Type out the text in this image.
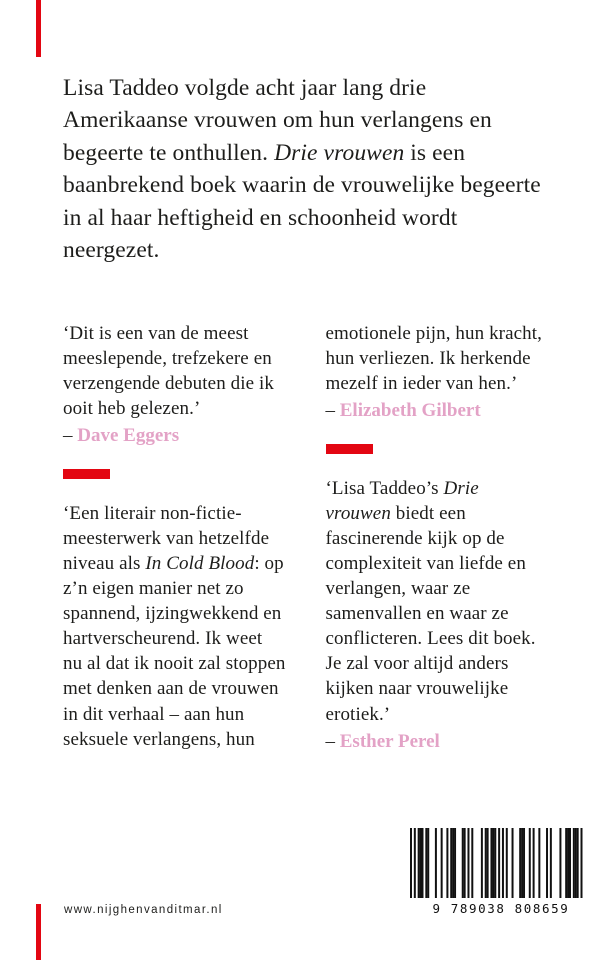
Lisa Taddeo volgde acht jaar lang drie Amerikaanse vrouwen om hun verlangens en begeerte te onthullen. Drie vrouwen is een baanbrekend boek waarin de vrouwelijke begeerte in al haar heftigheid en schoonheid wordt neergezet.

‘Dit is een van de meest meeslepende, trefzekere en verzengende debuten die ik ooit heb gelezen.’

– Dave Eggers

‘Een literair non-fictie-meesterwerk van hetzelfde niveau als In Cold Blood: op z’n eigen manier net zo spannend, ijzingwekkend en hartverscheurend. Ik weet nu al dat ik nooit zal stoppen met denken aan de vrouwen in dit verhaal – aan hun seksuele verlangens, hun

emotionele pijn, hun kracht, hun verliezen. Ik herkende mezelf in ieder van hen.’

– Elizabeth Gilbert

‘Lisa Taddeo’s Drie vrouwen biedt een fascinerende kijk op de complexiteit van liefde en verlangen, waar ze samenvallen en waar ze conflicteren. Lees dit boek. Je zal voor altijd anders kijken naar vrouwelijke erotiek.’

– Esther Perel

www.nijghenvanditmar.nl	9 789038 808659
